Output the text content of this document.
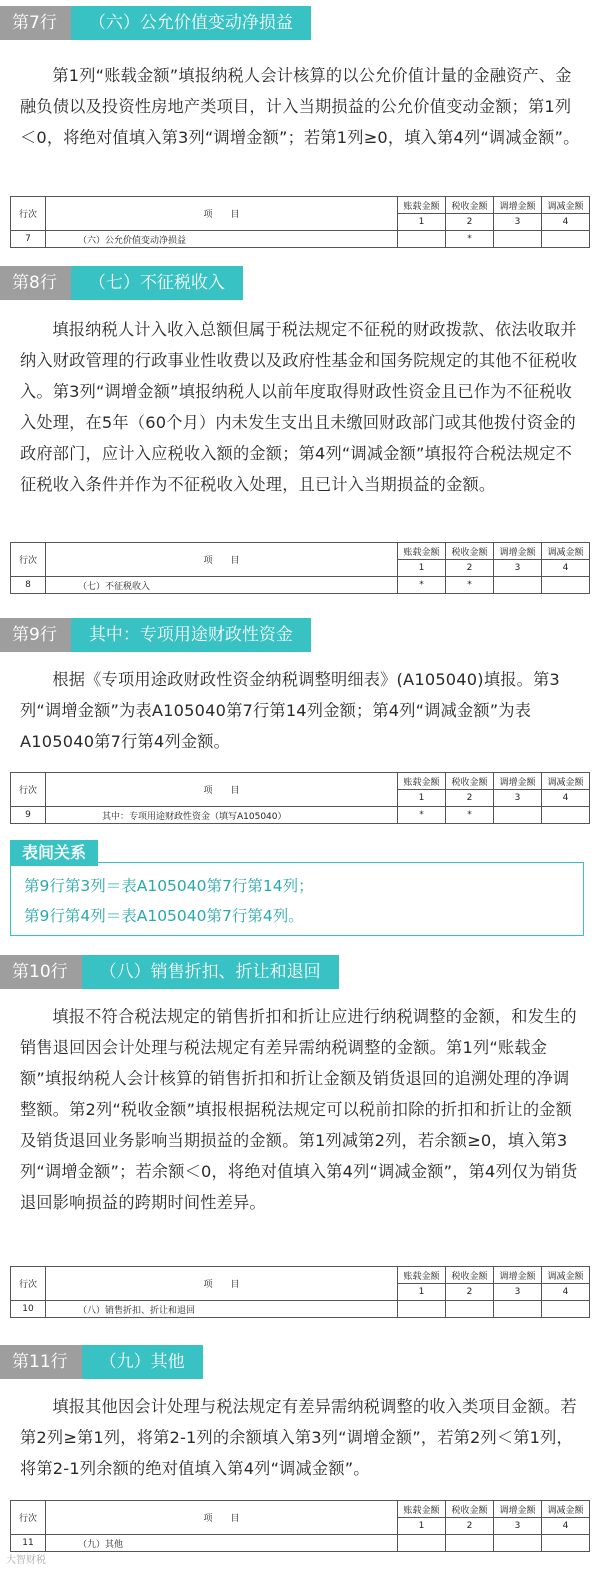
第7行	（六）公允价值变动净损益
第1列“账载金额”填报纳税人会计核算的以公允价值计量的金融资产、金融负债以及投资性房地产类项目，计入当期损益的公允价值变动金额；第1列＜0，将绝对值填入第3列“调增金额”；若第1列≥0，填入第4列“调减金额”。
行次	项　　目	账载金额	税收金额	调增金额	调减金额
		1	2	3	4
7	（六）公允价值变动净损益		*		
第8行	（七）不征税收入
填报纳税人计入收入总额但属于税法规定不征税的财政拨款、依法收取并纳入财政管理的行政事业性收费以及政府性基金和国务院规定的其他不征税收入。第3列“调增金额”填报纳税人以前年度取得财政性资金且已作为不征税收入处理，在5年（60个月）内未发生支出且未缴回财政部门或其他拨付资金的政府部门，应计入应税收入额的金额；第4列“调减金额”填报符合税法规定不征税收入条件并作为不征税收入处理，且已计入当期损益的金额。
行次	项　　目	账载金额	税收金额	调增金额	调减金额
		1	2	3	4
8	（七）不征税收入	*	*		
第9行	其中：专项用途财政性资金
根据《专项用途政财政性资金纳税调整明细表》(A105040)填报。第3列“调增金额”为表A105040第7行第14列金额；第4列“调减金额”为表A105040第7行第4列金额。
行次	项　　目	账载金额	税收金额	调增金额	调减金额
		1	2	3	4
9	其中：专项用途财政性资金（填写A105040）	*	*		
表间关系
第9行第3列＝表A105040第7行第14列；
第9行第4列＝表A105040第7行第4列。
第10行	（八）销售折扣、折让和退回
填报不符合税法规定的销售折扣和折让应进行纳税调整的金额，和发生的销售退回因会计处理与税法规定有差异需纳税调整的金额。第1列“账载金额”填报纳税人会计核算的销售折扣和折让金额及销货退回的追溯处理的净调整额。第2列“税收金额”填报根据税法规定可以税前扣除的折扣和折让的金额及销货退回业务影响当期损益的金额。第1列减第2列，若余额≥0，填入第3列“调增金额”；若余额＜0，将绝对值填入第4列“调减金额”，第4列仅为销货退回影响损益的跨期时间性差异。
行次	项　　目	账载金额	税收金额	调增金额	调减金额
		1	2	3	4
10	（八）销售折扣、折让和退回				
第11行	（九）其他
填报其他因会计处理与税法规定有差异需纳税调整的收入类项目金额。若第2列≥第1列，将第2-1列的余额填入第3列“调增金额”，若第2列＜第1列，将第2-1列余额的绝对值填入第4列“调减金额”。
行次	项　　目	账载金额	税收金额	调增金额	调减金额
		1	2	3	4
11	（九）其他				
大智财税
